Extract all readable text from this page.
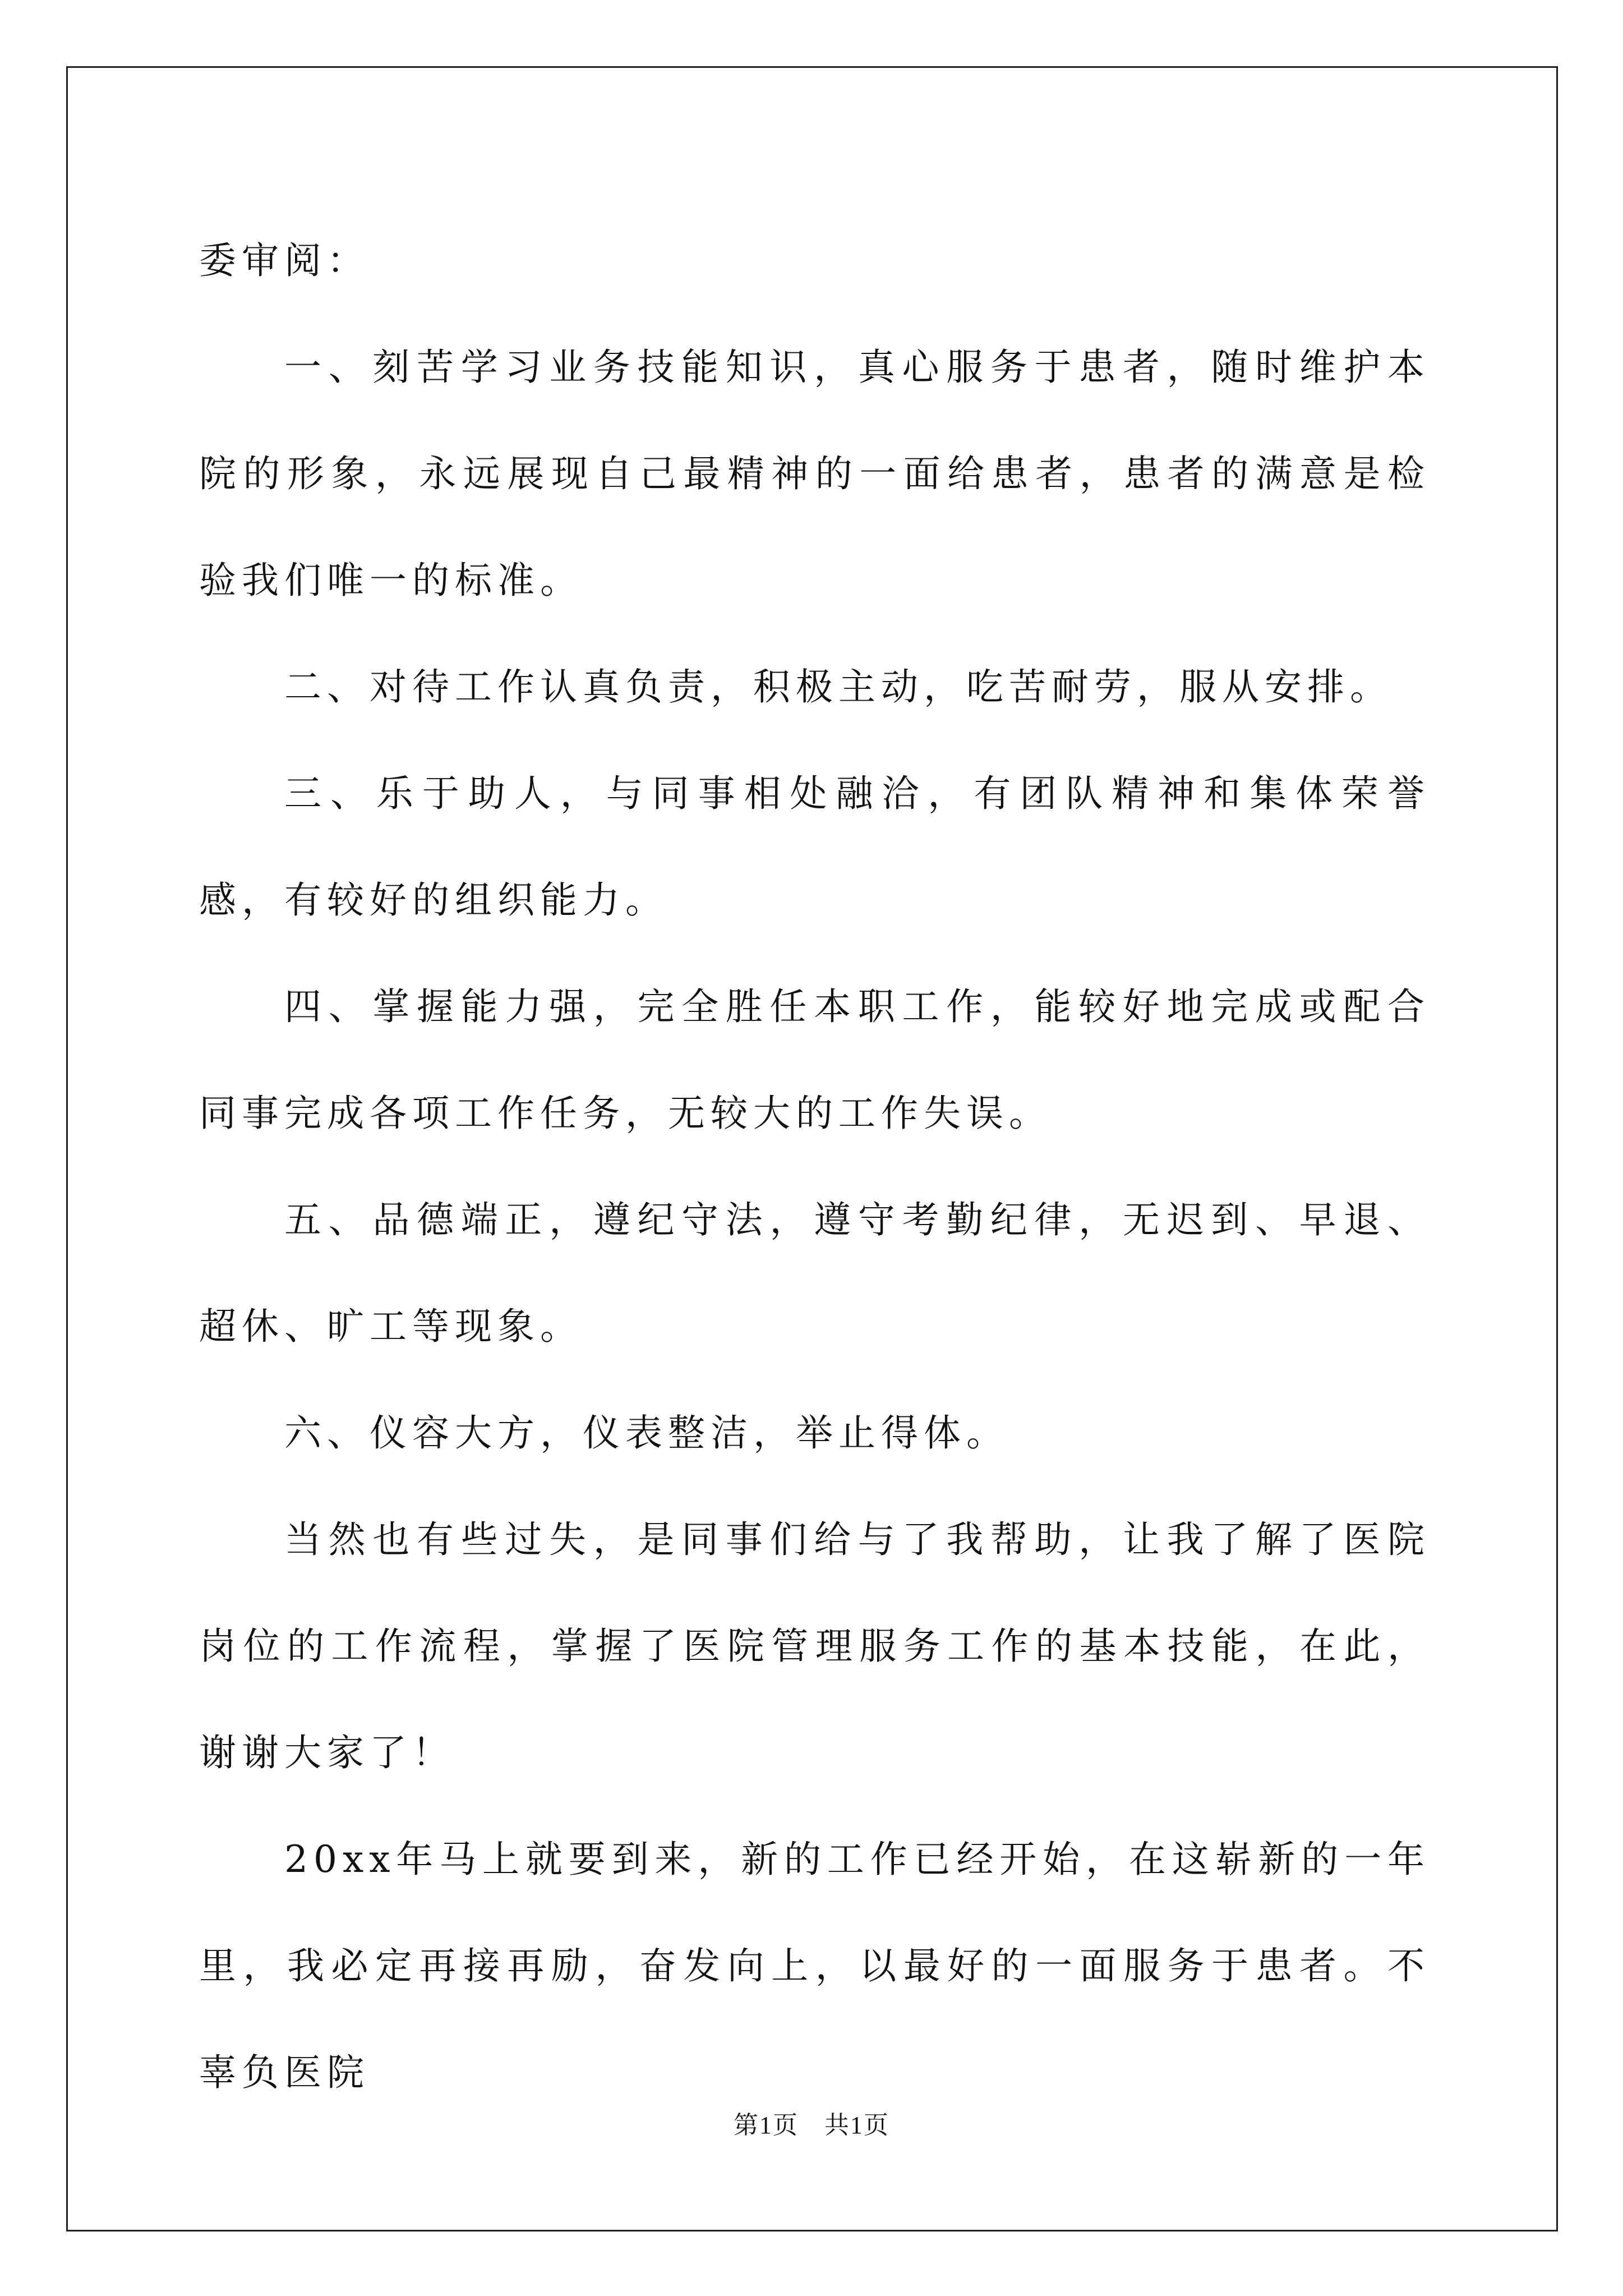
委审阅：

一、刻苦学习业务技能知识，真心服务于患者，随时维护本院的形象，永远展现自己最精神的一面给患者，患者的满意是检验我们唯一的标准。

二、对待工作认真负责，积极主动，吃苦耐劳，服从安排。

三、乐于助人，与同事相处融洽，有团队精神和集体荣誉感，有较好的组织能力。

四、掌握能力强，完全胜任本职工作，能较好地完成或配合同事完成各项工作任务，无较大的工作失误。

五、品德端正，遵纪守法，遵守考勤纪律，无迟到、早退、超休、旷工等现象。

六、仪容大方，仪表整洁，举止得体。

当然也有些过失，是同事们给与了我帮助，让我了解了医院岗位的工作流程，掌握了医院管理服务工作的基本技能，在此，谢谢大家了！

20xx年马上就要到来，新的工作已经开始，在这崭新的一年里，我必定再接再励，奋发向上，以最好的一面服务于患者。不辜负医院

第1页　共1页
